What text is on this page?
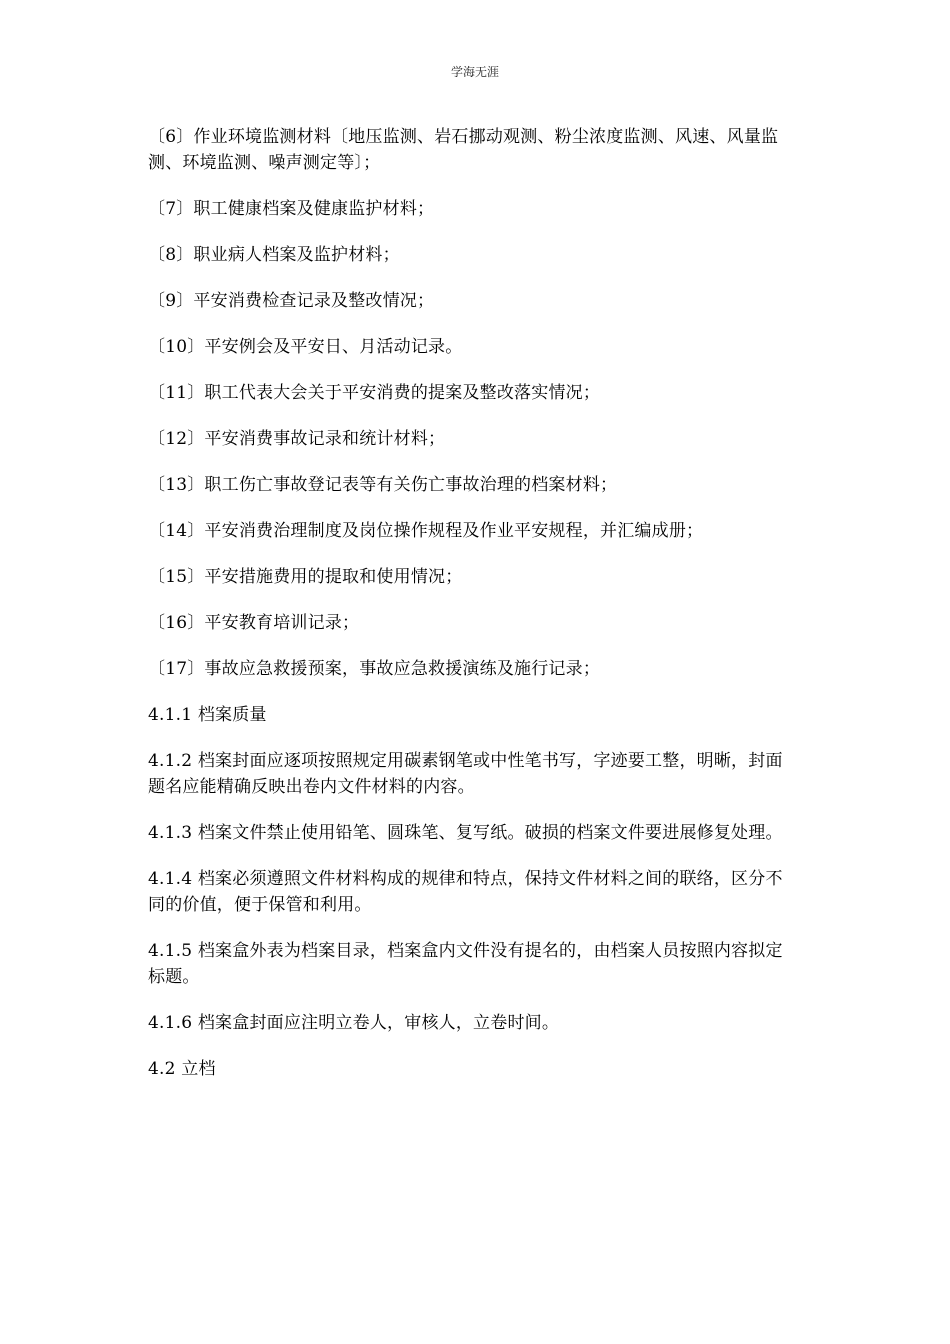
学海无涯

〔6〕作业环境监测材料〔地压监测、岩石挪动观测、粉尘浓度监测、风速、风量监测、环境监测、噪声测定等〕；

〔7〕职工健康档案及健康监护材料；

〔8〕职业病人档案及监护材料；

〔9〕平安消费检查记录及整改情况；

〔10〕平安例会及平安日、月活动记录。

〔11〕职工代表大会关于平安消费的提案及整改落实情况；

〔12〕平安消费事故记录和统计材料；

〔13〕职工伤亡事故登记表等有关伤亡事故治理的档案材料；

〔14〕平安消费治理制度及岗位操作规程及作业平安规程，并汇编成册；

〔15〕平安措施费用的提取和使用情况；

〔16〕平安教育培训记录；

〔17〕事故应急救援预案，事故应急救援演练及施行记录；

4.1.1 档案质量

4.1.2 档案封面应逐项按照规定用碳素钢笔或中性笔书写，字迹要工整，明晰，封面题名应能精确反映出卷内文件材料的内容。

4.1.3 档案文件禁止使用铅笔、圆珠笔、复写纸。破损的档案文件要进展修复处理。

4.1.4 档案必须遵照文件材料构成的规律和特点，保持文件材料之间的联络，区分不同的价值，便于保管和利用。

4.1.5 档案盒外表为档案目录，档案盒内文件没有提名的，由档案人员按照内容拟定标题。

4.1.6 档案盒封面应注明立卷人，审核人，立卷时间。

4.2 立档
